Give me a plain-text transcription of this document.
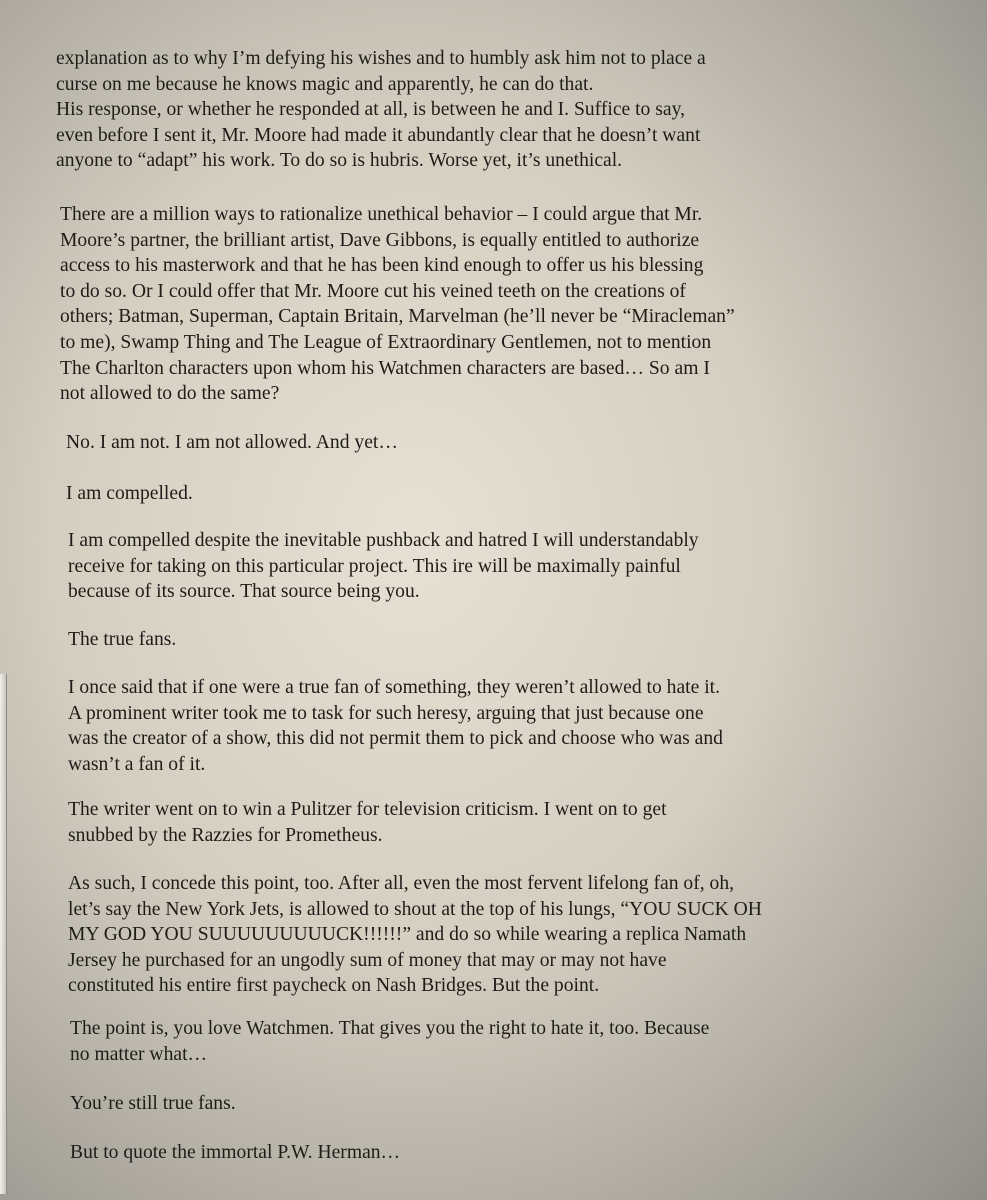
explanation as to why I’m defying his wishes and to humbly ask him not to place a
curse on me because he knows magic and apparently, he can do that.
His response, or whether he responded at all, is between he and I. Suffice to say,
even before I sent it, Mr. Moore had made it abundantly clear that he doesn’t want
anyone to “adapt” his work. To do so is hubris. Worse yet, it’s unethical.
There are a million ways to rationalize unethical behavior – I could argue that Mr.
Moore’s partner, the brilliant artist, Dave Gibbons, is equally entitled to authorize
access to his masterwork and that he has been kind enough to offer us his blessing
to do so. Or I could offer that Mr. Moore cut his veined teeth on the creations of
others; Batman, Superman, Captain Britain, Marvelman (he’ll never be “Miracleman”
to me), Swamp Thing and The League of Extraordinary Gentlemen, not to mention
The Charlton characters upon whom his Watchmen characters are based… So am I
not allowed to do the same?
No. I am not. I am not allowed. And yet…
I am compelled.
I am compelled despite the inevitable pushback and hatred I will understandably
receive for taking on this particular project. This ire will be maximally painful
because of its source. That source being you.
The true fans.
I once said that if one were a true fan of something, they weren’t allowed to hate it.
A prominent writer took me to task for such heresy, arguing that just because one
was the creator of a show, this did not permit them to pick and choose who was and
wasn’t a fan of it.
The writer went on to win a Pulitzer for television criticism. I went on to get
snubbed by the Razzies for Prometheus.
As such, I concede this point, too. After all, even the most fervent lifelong fan of, oh,
let’s say the New York Jets, is allowed to shout at the top of his lungs, “YOU SUCK OH
MY GOD YOU SUUUUUUUUUCK!!!!!!” and do so while wearing a replica Namath
Jersey he purchased for an ungodly sum of money that may or may not have
constituted his entire first paycheck on Nash Bridges. But the point.
The point is, you love Watchmen. That gives you the right to hate it, too. Because
no matter what…
You’re still true fans.
But to quote the immortal P.W. Herman…
